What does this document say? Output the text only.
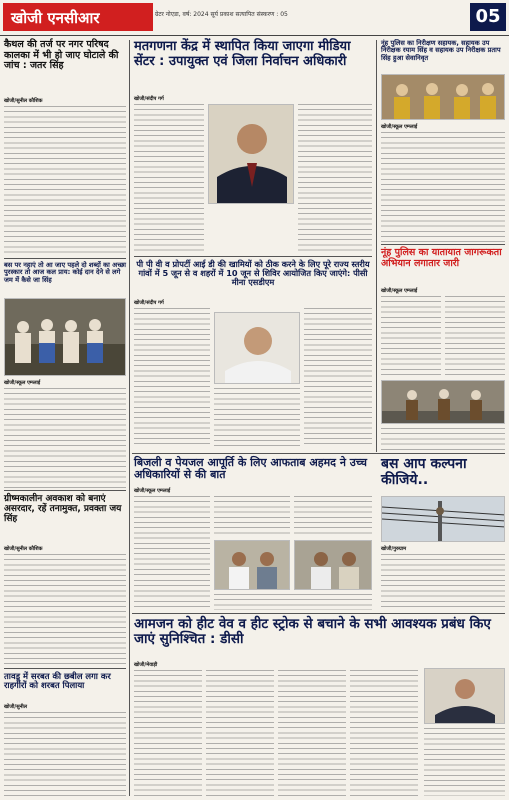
खोजी एनसीआर	ग्रेटर नोएडा, वर्ष: 2024 सूर्य प्रकाश सत्यापित संस्करण : 05	05
कैथल की तर्ज पर नगर परिषद कालका में भी हो जाए घोटाले की जांच : जतर सिंह
खोजी/सुनील कौशिक
बस पर नहाएं तो आ जाए पहले दो शब्दों का अच्छा पुरस्कार तो आज कल प्राय: कोई दान देने से लगे जम में कैसे जा सिंह
खोजी/स्कूल एम्प्लाई
ग्रीष्मकालीन अवकाश को बनाएं असरदार, रहें तनामुक्त, प्रवक्ता जय सिंह
खोजी/सुनील कौशिक
तावडू में सरबत की छबील लगा कर राहगीरों को शरबत पिलाया
खोजी/सुनील
मतगणना केंद्र में स्थापित किया जाएगा मीडिया सेंटर : उपायुक्त एवं जिला निर्वाचन अधिकारी
खोजी/संदीप गर्ग
पी पी वी व प्रोपर्टी आई डी की खामियों को ठीक करने के लिए पूरे राज्य स्तरीय गांवों में 5 जून से व शहरों में 10 जून से शिविर आयोजित किए जाएंगे: पीसी मीना एसडीएम
खोजी/संदीप गर्ग
नूंह पुलिस का निरीक्षण सहायक, सहायक उप निरीक्षक रयाम सिंह व सहायक उप निरीक्षक प्रताप सिंह हुआ सेवानिवृत
खोजी/स्कूल एम्प्लाई
नूंह पुलिस का यातायात जागरूकता अभियान लगातार जारी
खोजी/स्कूल एम्प्लाई
बिजली व पेयजल आपूर्ति के लिए आफताब अहमद ने उच्च अधिकारियों से की बात
खोजी/स्कूल एम्प्लाई
बस आप कल्पना कीजिये..
खोजी/गुरुग्राम
आमजन को हीट वेव व हीट स्ट्रोक से बचाने के सभी आवश्यक प्रबंध किए जाएं सुनिश्चित : डीसी
खोजी/मेवाड़ी
